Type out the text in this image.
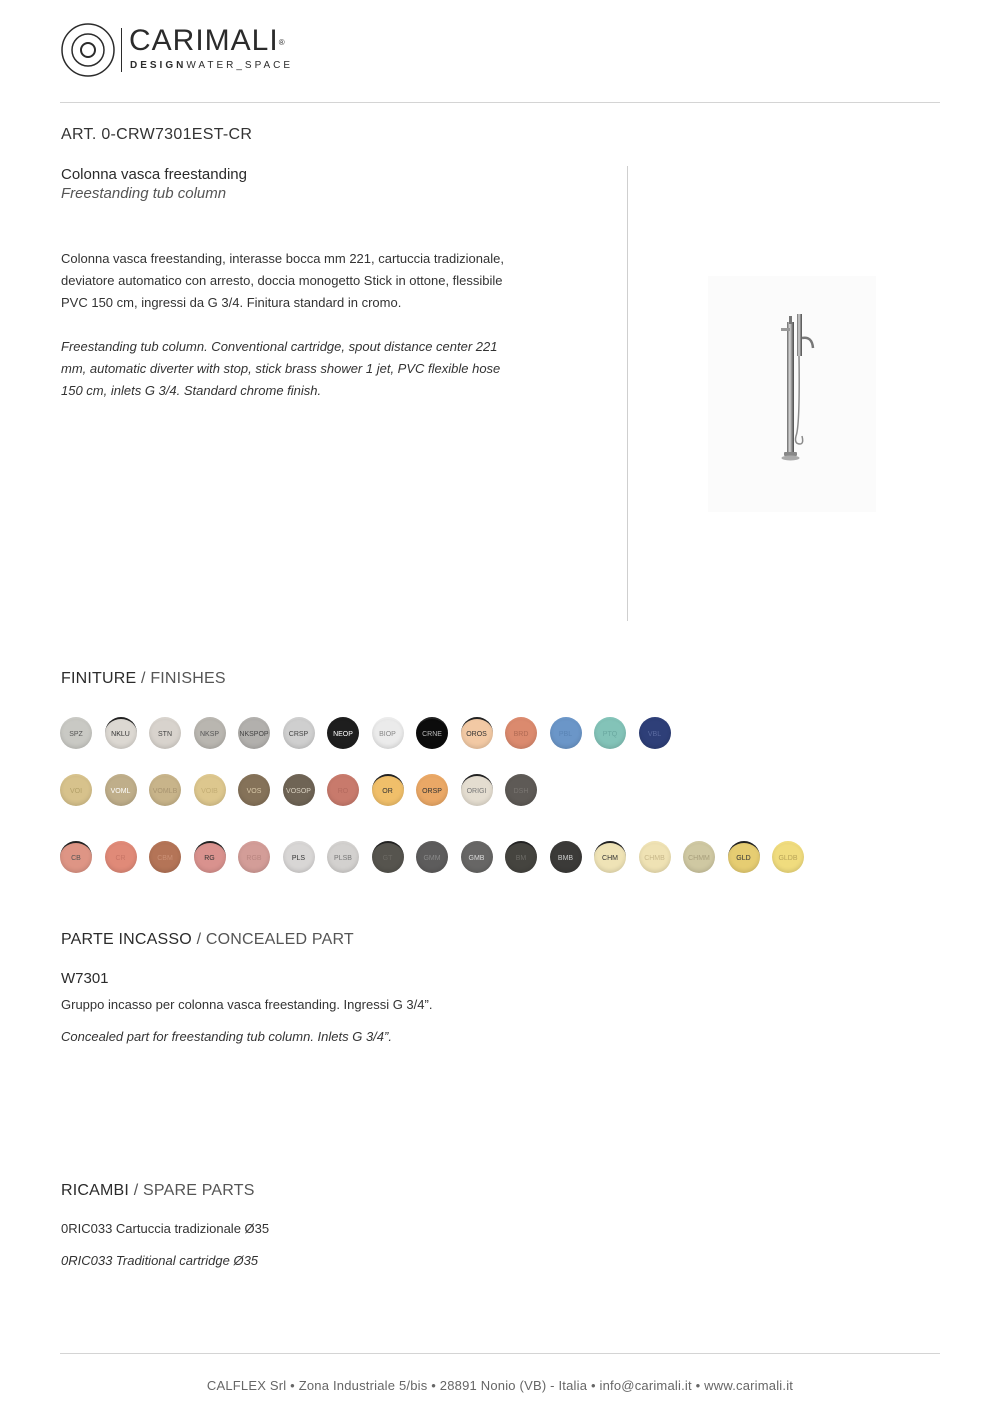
CARIMALI®
DESIGNWATER_SPACE
ART. 0-CRW7301EST-CR
Colonna vasca freestanding
Freestanding tub column
Colonna vasca freestanding, interasse bocca mm 221, cartuccia tradizionale,
deviatore automatico con arresto, doccia monogetto Stick in ottone, flessibile
PVC 150 cm, ingressi da G 3/4. Finitura standard in cromo.
Freestanding tub column. Conventional cartridge, spout distance center 221
mm, automatic diverter with stop, stick brass shower 1 jet, PVC flexible hose
150 cm, inlets G 3/4. Standard chrome finish.
FINITURE / FINISHES
SPZ	NKLU	STN	NKSP	NKSPOP	CRSP	NEOP	BIOP	CRNE	OROS	BRD	PBL	PTQ	VBL
VOI	VOML	VOMLB	VOIB	VOS	VOSOP	RO	OR	ORSP	ORIGI	DSH
CB	CR	CBM	RG	RGB	PLS	PLSB	GT	GMM	GMB	BM	BMB	CHM	CHMB	CHMM	GLD	GLDB
PARTE INCASSO / CONCEALED PART
W7301
Gruppo incasso per colonna vasca freestanding. Ingressi G 3/4”.
Concealed part for freestanding tub column. Inlets G 3/4”.
RICAMBI / SPARE PARTS
0RIC033 Cartuccia tradizionale Ø35
0RIC033 Traditional cartridge Ø35
CALFLEX Srl • Zona Industriale 5/bis • 28891 Nonio (VB) - Italia • info@carimali.it • www.carimali.it
